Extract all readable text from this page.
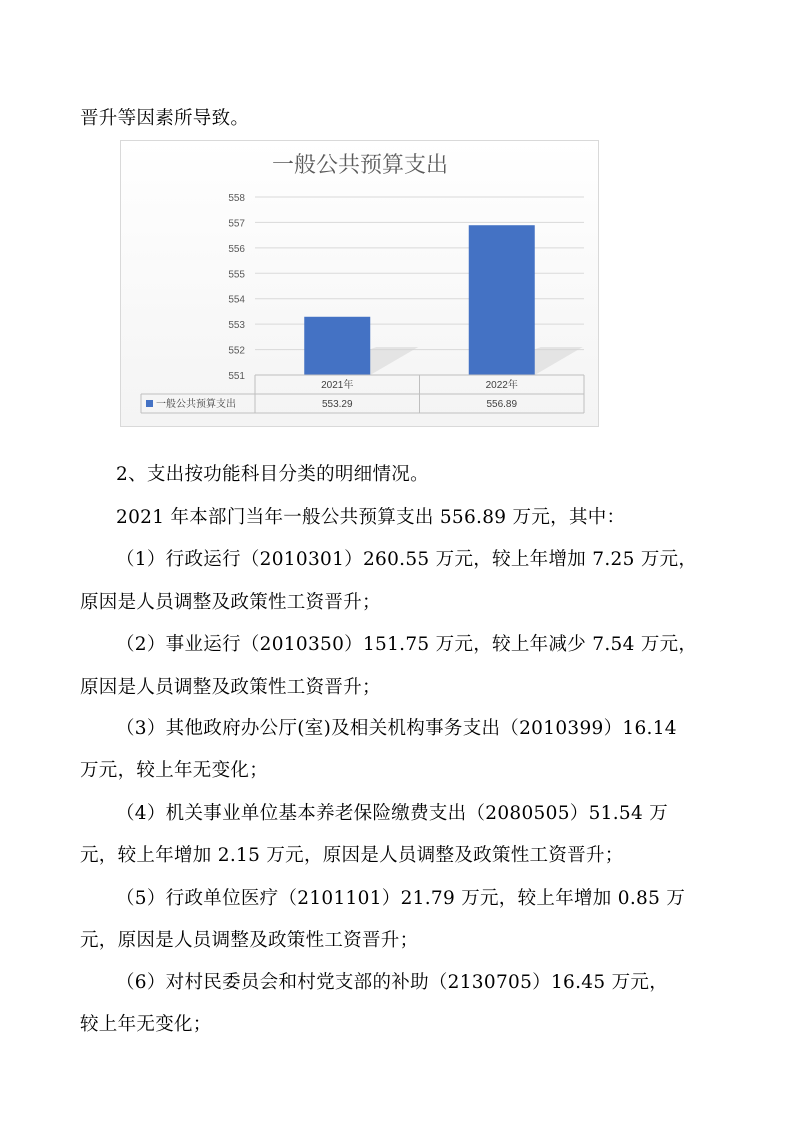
晋升等因素所导致。
一般公共预算支出
551
552
553
554
555
556
557
558
2021年
553.29
2022年
556.89
一般公共预算支出
2、支出按功能科目分类的明细情况。
2021 年本部门当年一般公共预算支出 556.89 万元，其中：
（1）行政运行（2010301）260.55 万元，较上年增加 7.25 万元，
原因是人员调整及政策性工资晋升；
（2）事业运行（2010350）151.75 万元，较上年减少 7.54 万元，
原因是人员调整及政策性工资晋升；
（3）其他政府办公厅(室)及相关机构事务支出（2010399）16.14
万元，较上年无变化；
（4）机关事业单位基本养老保险缴费支出（2080505）51.54 万
元，较上年增加 2.15 万元，原因是人员调整及政策性工资晋升；
（5）行政单位医疗（2101101）21.79 万元，较上年增加 0.85 万
元，原因是人员调整及政策性工资晋升；
（6）对村民委员会和村党支部的补助（2130705）16.45 万元，
较上年无变化；
